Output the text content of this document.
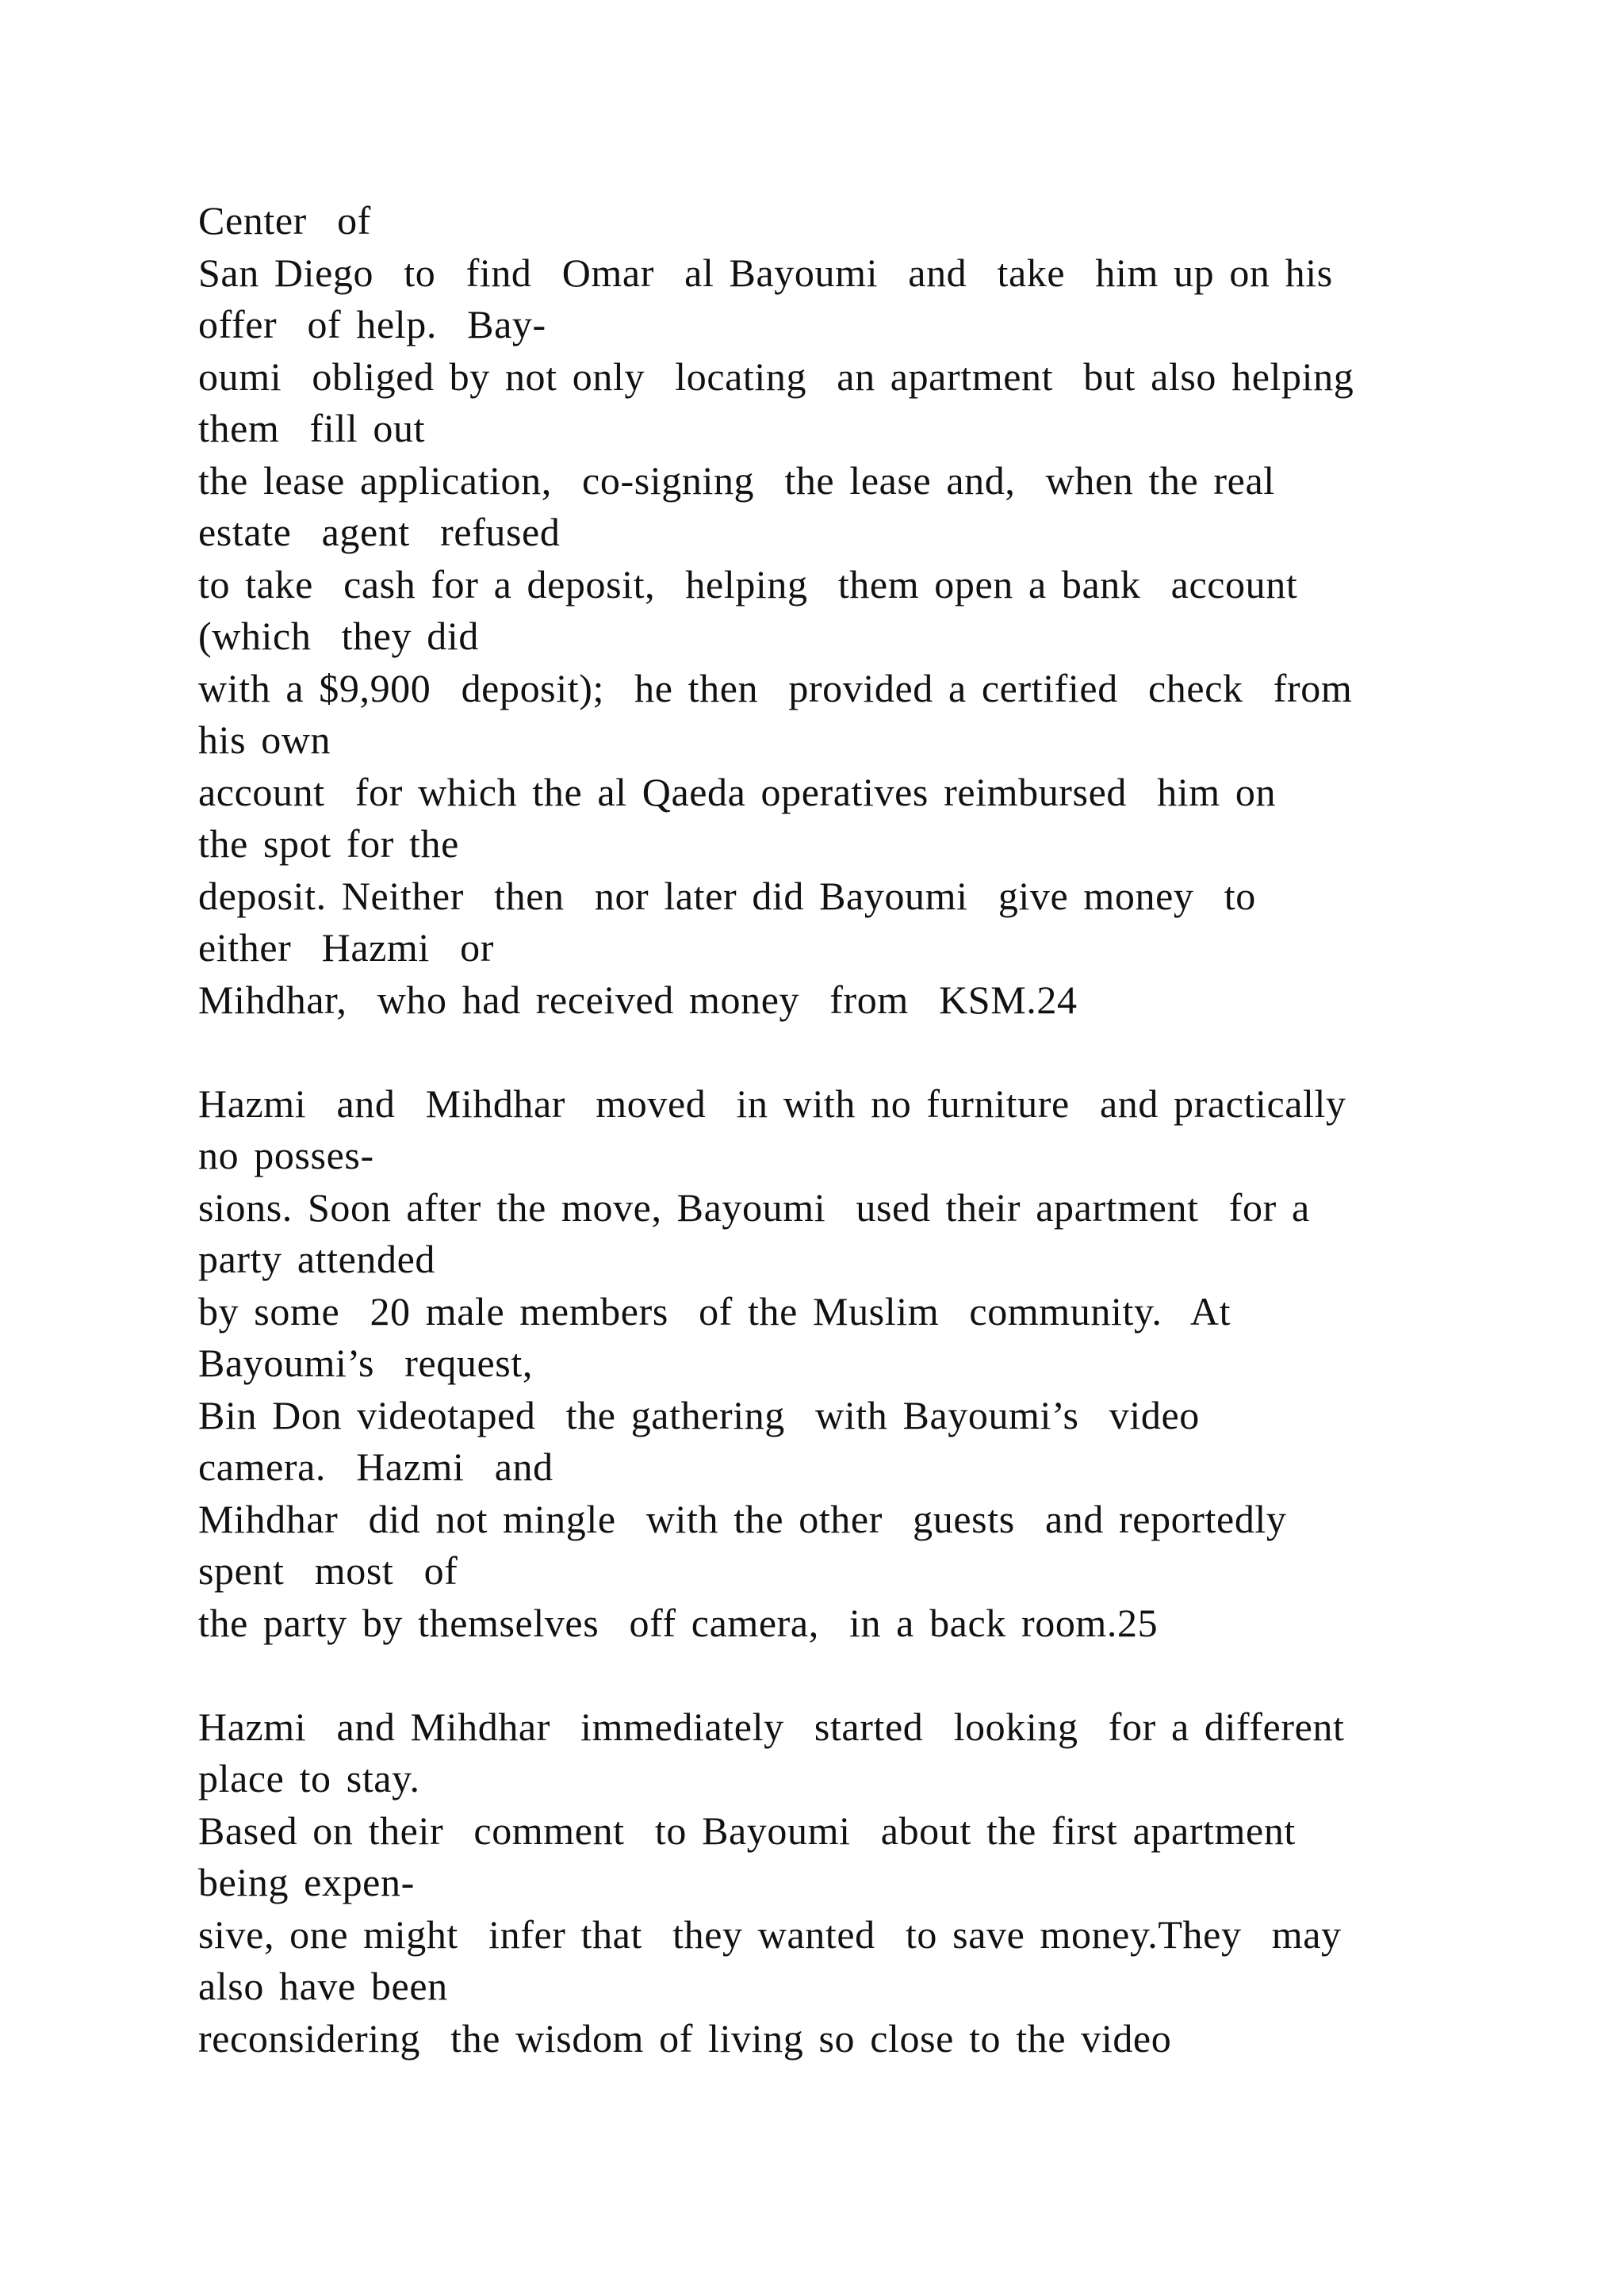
Center  of
San Diego  to  find  Omar  al Bayoumi  and  take  him up on his
offer  of help.  Bay-
oumi  obliged by not only  locating  an apartment  but also helping
them  fill out
the lease application,  co-signing  the lease and,  when the real
estate  agent  refused
to take  cash for a deposit,  helping  them open a bank  account
(which  they did
with a $9,900  deposit);  he then  provided a certified  check  from
his own
account  for which the al Qaeda operatives reimbursed  him on
the spot for the
deposit. Neither  then  nor later did Bayoumi  give money  to
either  Hazmi  or
Mihdhar,  who had received money  from  KSM.24
Hazmi  and  Mihdhar  moved  in with no furniture  and practically
no posses-
sions. Soon after the move, Bayoumi  used their apartment  for a
party attended
by some  20 male members  of the Muslim  community.  At
Bayoumi’s  request,
Bin Don videotaped  the gathering  with Bayoumi’s  video
camera.  Hazmi  and
Mihdhar  did not mingle  with the other  guests  and reportedly
spent  most  of
the party by themselves  off camera,  in a back room.25
Hazmi  and Mihdhar  immediately  started  looking  for a different
place to stay.
Based on their  comment  to Bayoumi  about the first apartment
being expen-
sive, one might  infer that  they wanted  to save money.They  may
also have been
reconsidering  the wisdom of living so close to the video
